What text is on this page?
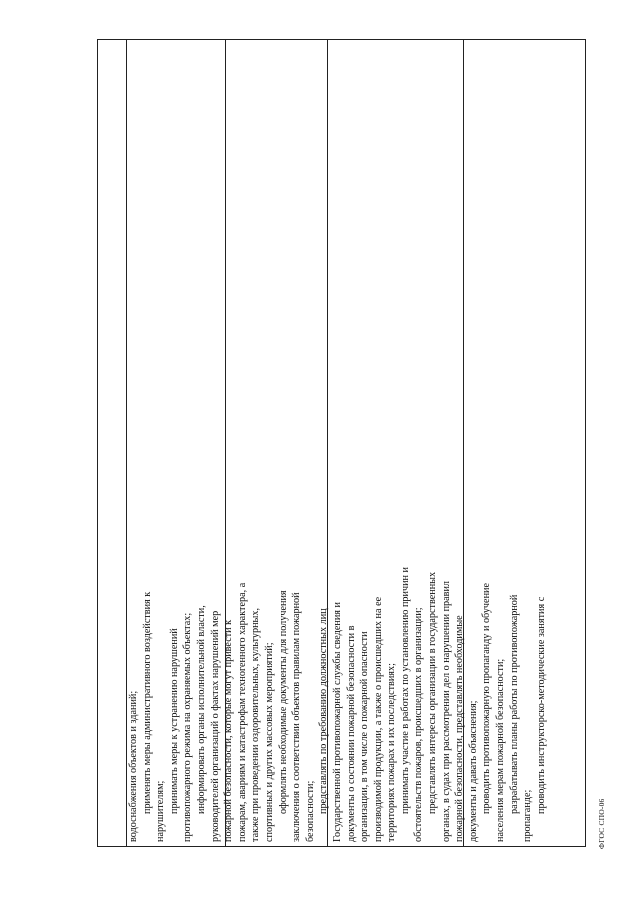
водоснабжения объектов и зданий; применять меры административного воздействия к нарушителям; принимать меры к устранению нарушений противопожарного режима на охраняемых объектах; информировать органы исполнительной власти, руководителей организаций о фактах нарушений мер пожарной безопасности, которые могут привести к пожарам, авариям и катастрофам техногенного характера, а также при проведении оздоровительных, культурных, спортивных и других массовых мероприятий; оформлять необходимые документы для получения заключения о соответствии объектов правилам пожарной безопасности; представлять по требованию должностных лиц Государственной противопожарной службы сведения и документы о состоянии пожарной безопасности в организации, в том числе о пожарной опасности производимой продукции, а также о происшедших на ее территориях пожарах и их последствиях; принимать участие в работах по установлению причин и обстоятельств пожаров, происшедших в организации; представлять интересы организации в государственных органах, в судах при рассмотрении дел о нарушении правил пожарной безопасности, представлять необходимые документы и давать объяснения; проводить противопожарную пропаганду и обучение населения мерам пожарной безопасности; разрабатывать планы работы по противопожарной
пропаганде;
проводить инструкторско-методические занятия с
ФГОС СПО-06
